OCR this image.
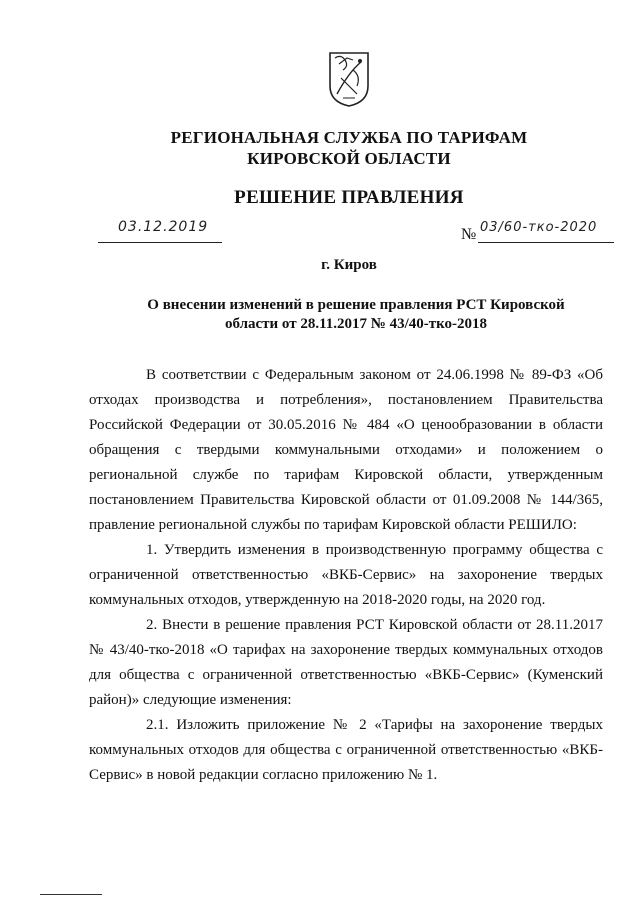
РЕГИОНАЛЬНАЯ СЛУЖБА ПО ТАРИФАМ
КИРОВСКОЙ ОБЛАСТИ
РЕШЕНИЕ ПРАВЛЕНИЯ
03.12.2019	№ 03/60-тко-2020
г. Киров
О внесении изменений в решение правления РСТ Кировской
области от 28.11.2017 № 43/40-тко-2018

В соответствии с Федеральным законом от 24.06.1998 № 89-ФЗ «Об отходах производства и потребления», постановлением Правительства Российской Федерации от 30.05.2016 № 484 «О ценообразовании в области обращения с твердыми коммунальными отходами» и положением о региональной службе по тарифам Кировской области, утвержденным постановлением Правительства Кировской области от 01.09.2008 № 144/365, правление региональной службы по тарифам Кировской области РЕШИЛО:

1. Утвердить изменения в производственную программу общества с ограниченной ответственностью «ВКБ-Сервис» на захоронение твердых коммунальных отходов, утвержденную на 2018-2020 годы, на 2020 год.

2. Внести в решение правления РСТ Кировской области от 28.11.2017 № 43/40-тко-2018 «О тарифах на захоронение твердых коммунальных отходов для общества с ограниченной ответственностью «ВКБ-Сервис» (Куменский район)» следующие изменения:

2.1. Изложить приложение № 2 «Тарифы на захоронение твердых коммунальных отходов для общества с ограниченной ответственностью «ВКБ-Сервис» в новой редакции согласно приложению № 1.
